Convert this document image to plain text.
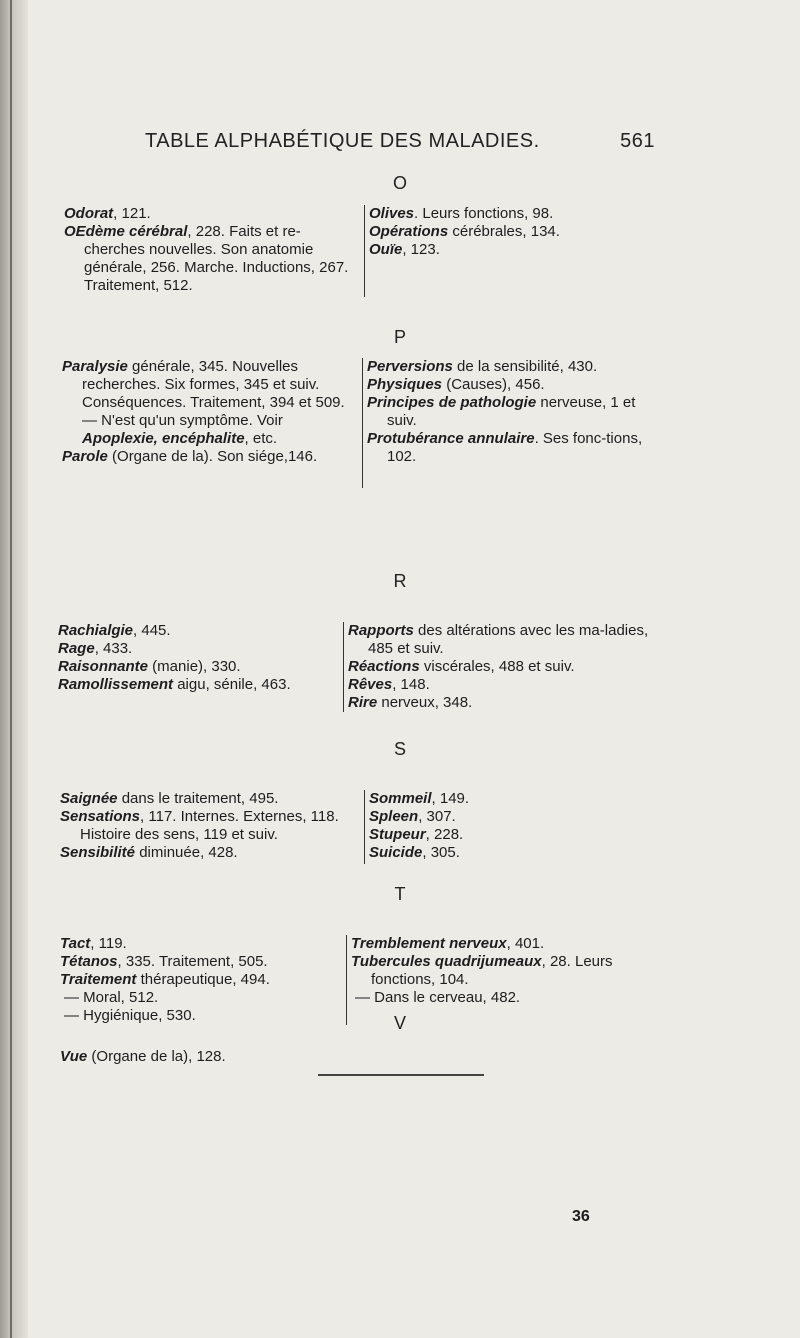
TABLE ALPHABÉTIQUE DES MALADIES.	561
O

Odorat, 121.

OEdème cérébral, 228. Faits et re-cherches nouvelles. Son anatomie générale, 256. Marche. Inductions, 267. Traitement, 512.

Olives. Leurs fonctions, 98.

Opérations cérébrales, 134.

Ouïe, 123.

P

Paralysie générale, 345. Nouvelles recherches. Six formes, 345 et suiv. Conséquences. Traitement, 394 et 509.

— N'est qu'un symptôme. Voir

Apoplexie, encéphalite, etc.

Parole (Organe de la). Son siége,146.

Perversions de la sensibilité, 430.

Physiques (Causes), 456.

Principes de pathologie nerveuse, 1 et suiv.

Protubérance annulaire. Ses fonc-tions, 102.

R

Rachialgie, 445.

Rage, 433.

Raisonnante (manie), 330.

Ramollissement aigu, sénile, 463.

Rapports des altérations avec les ma-ladies, 485 et suiv.

Réactions viscérales, 488 et suiv.

Rêves, 148.

Rire nerveux, 348.

S

Saignée dans le traitement, 495.

Sensations, 117. Internes. Externes, 118. Histoire des sens, 119 et suiv.

Sensibilité diminuée, 428.

Sommeil, 149.

Spleen, 307.

Stupeur, 228.

Suicide, 305.

T

Tact, 119.

Tétanos, 335. Traitement, 505.

Traitement thérapeutique, 494.

— Moral, 512.

— Hygiénique, 530.

Tremblement nerveux, 401.

Tubercules quadrijumeaux, 28. Leurs fonctions, 104.

— Dans le cerveau, 482.

V

Vue (Organe de la), 128.

36
